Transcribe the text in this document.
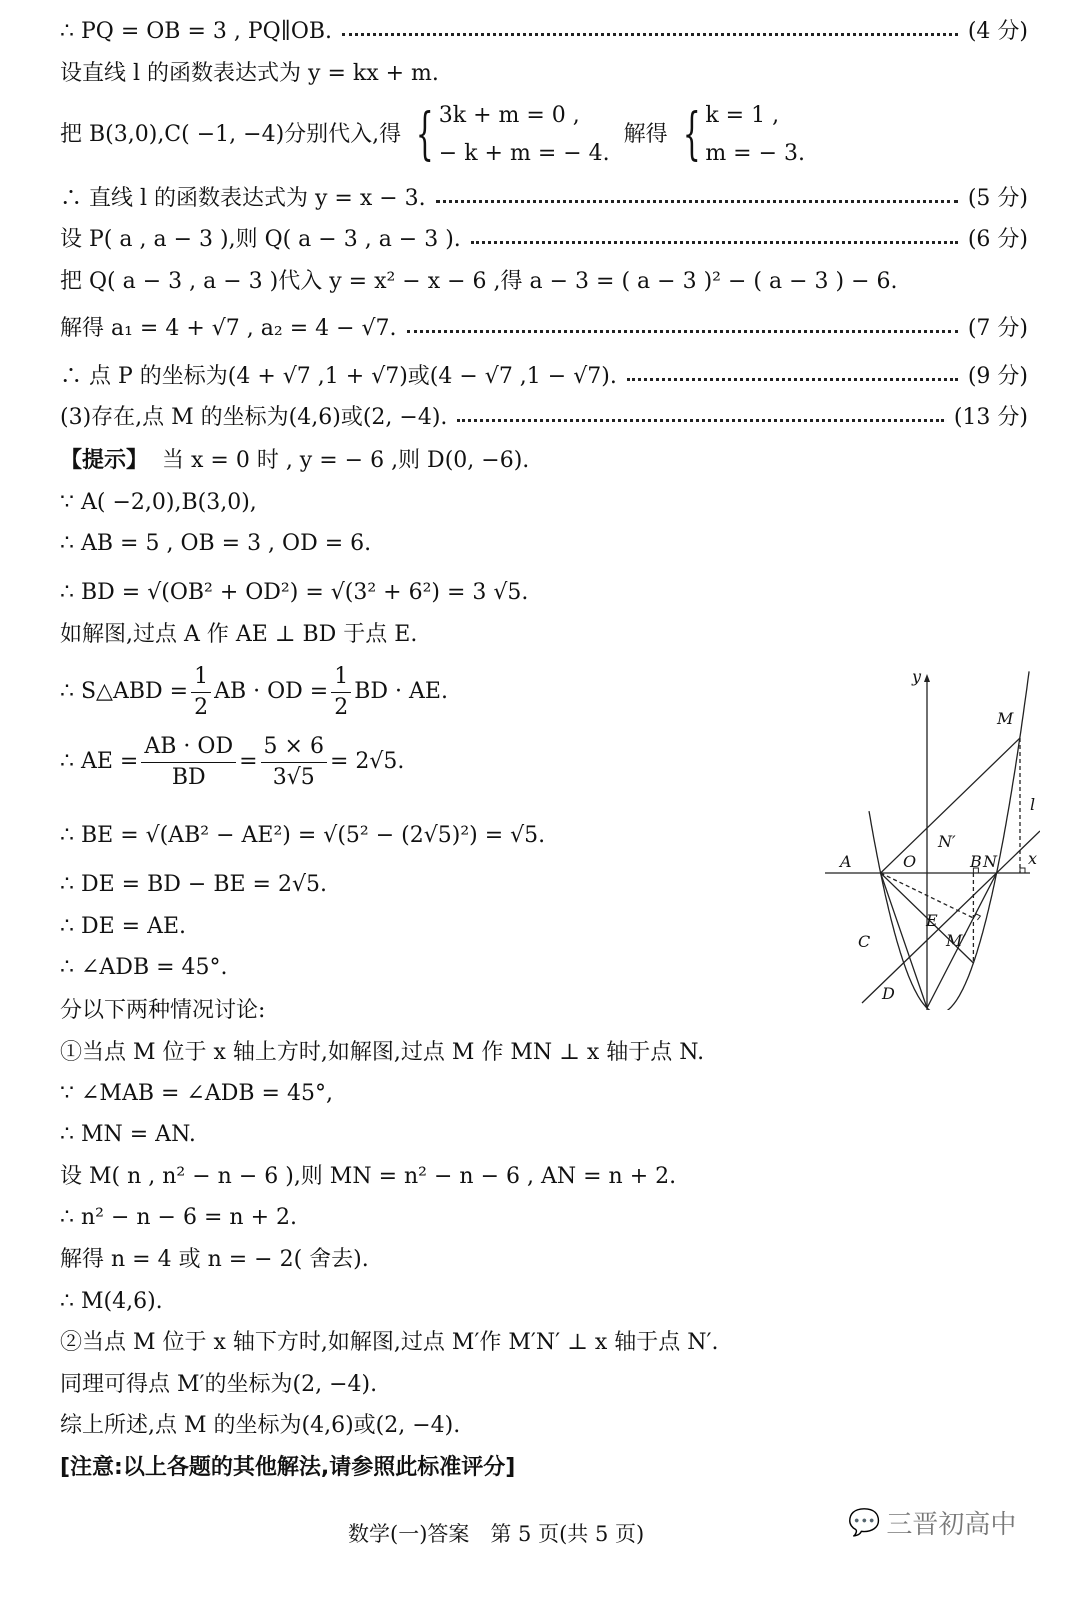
∴ PQ = OB = 3 , PQ∥OB.	(4 分)
设直线 l 的函数表达式为 y = kx + m.
把 B(3,0),C( −1, −4)分别代入,得 { 3k + m = 0 ,
− k + m = − 4.
解得 { k = 1 ,
m = − 3.
∴ 直线 l 的函数表达式为 y = x − 3.	(5 分)
设 P( a , a − 3 ),则 Q( a − 3 , a − 3 ).	(6 分)
把 Q( a − 3 , a − 3 )代入 y = x² − x − 6 ,得 a − 3 = ( a − 3 )² − ( a − 3 ) − 6.
解得 a₁ = 4 + √7 , a₂ = 4 − √7.	(7 分)
∴ 点 P 的坐标为(4 + √7 ,1 + √7)或(4 − √7 ,1 − √7).	(9 分)
(3)存在,点 M 的坐标为(4,6)或(2, −4).	(13 分)
【提示】 当 x = 0 时 , y = − 6 ,则 D(0, −6).
∵ A( −2,0),B(3,0),
∴ AB = 5 , OB = 3 , OD = 6.
∴ BD = √(OB² + OD²) = √(3² + 6²) = 3 √5.
如解图,过点 A 作 AE ⊥ BD 于点 E.
∴ S△ABD = $\frac{1}{2}$ AB · OD = $\frac{1}{2}$ BD · AE.
∴ AE = $\frac{AB \cdot OD}{BD} = \frac{5 \times 6}{3√5} = 2√5$.
∴ BE = √(AB² − AE²) = √(5² − (2√5)²) = √5.
∴ DE = BD − BE = 2√5.
∴ DE = AE.
∴ ∠ADB = 45°.
分以下两种情况讨论:
①当点 M 位于 x 轴上方时,如解图,过点 M 作 MN ⊥ x 轴于点 N.
∵ ∠MAB = ∠ADB = 45°,
∴ MN = AN.
设 M( n , n² − n − 6 ),则 MN = n² − n − 6 , AN = n + 2.
∴ n² − n − 6 = n + 2.
解得 n = 4 或 n = − 2( 舍去).
∴ M(4,6).
②当点 M 位于 x 轴下方时,如解图,过点 M′作 M′N′ ⊥ x 轴于点 N′.
同理可得点 M′的坐标为(2, −4).
综上所述,点 M 的坐标为(4,6)或(2, −4).
[注意:以上各题的其他解法,请参照此标准评分]
y
x
O
A	B N
N′
M
M′
E
C
D
l
数学(一)答案　第 5 页(共 5 页)	💬 三晋初高中
